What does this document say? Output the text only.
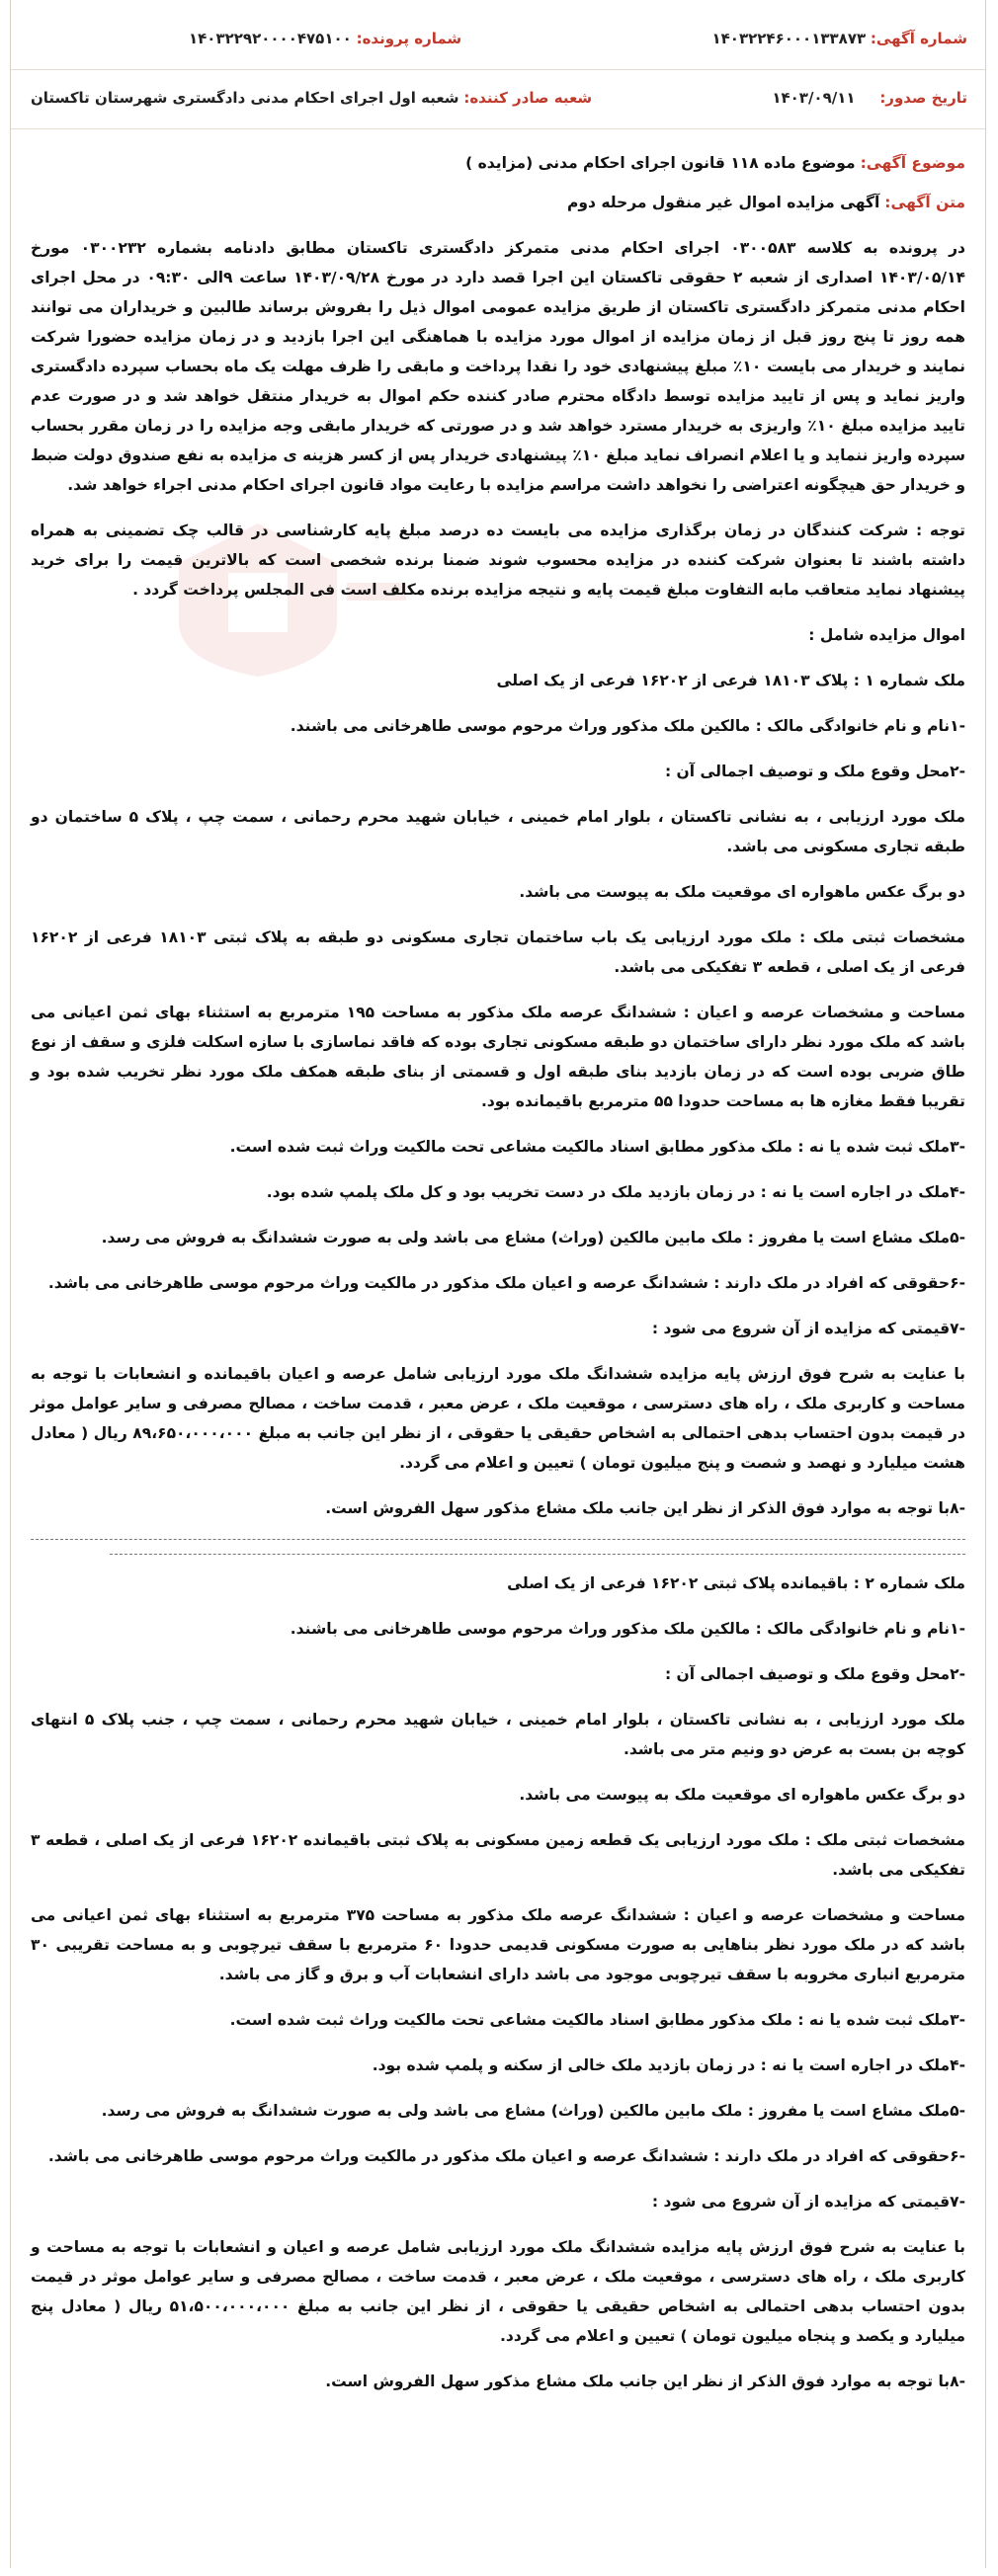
شماره آگهی: ۱۴۰۳۲۲۴۶۰۰۰۱۳۳۸۷۳
شماره پرونده: ۱۴۰۳۲۲۹۲۰۰۰۰۴۷۵۱۰۰
تاریخ صدور: ۱۴۰۳/۰۹/۱۱
شعبه صادر کننده: شعبه اول اجرای احکام مدنی دادگستری شهرستان تاکستان
موضوع آگهی: موضوع ماده ۱۱۸ قانون اجرای احکام مدنی (مزایده )
متن آگهی: آگهی مزایده اموال غیر منقول مرحله دوم

در پرونده به کلاسه ۰۳۰۰۵۸۳ اجرای احکام مدنی متمرکز دادگستری تاکستان مطابق دادنامه بشماره ۰۳۰۰۲۳۲ مورخ ۱۴۰۳/۰۵/۱۴ اصداری از شعبه ۲ حقوقی تاکستان این اجرا قصد دارد در مورخ ۱۴۰۳/۰۹/۲۸ ساعت ۹الی ۰۹:۳۰ در محل اجرای احکام مدنی متمرکز دادگستری تاکستان از طریق مزایده عمومی اموال ذیل را بفروش برساند طالبین و خریداران می توانند همه روز تا پنج روز قبل از زمان مزایده از اموال مورد مزایده با هماهنگی این اجرا بازدید و در زمان مزایده حضورا شرکت نمایند و خریدار می بایست ۱۰٪ مبلغ پیشنهادی خود را نقدا پرداخت و مابقی را ظرف مهلت یک ماه بحساب سپرده دادگستری واریز نماید و پس از تایید مزایده توسط دادگاه محترم صادر کننده حکم اموال به خریدار منتقل خواهد شد و در صورت عدم تایید مزایده مبلغ ۱۰٪ واریزی به خریدار مسترد خواهد شد و در صورتی که خریدار مابقی وجه مزایده را در زمان مقرر بحساب سپرده واریز ننماید و یا اعلام انصراف نماید مبلغ ۱۰٪ پیشنهادی خریدار پس از کسر هزینه ی مزایده به نفع صندوق دولت ضبط و خریدار حق هیچگونه اعتراضی را نخواهد داشت مراسم مزایده با رعایت مواد قانون اجرای احکام مدنی اجراء خواهد شد.

توجه : شرکت کنندگان در زمان برگذاری مزایده می بایست ده درصد مبلغ پایه کارشناسی در قالب چک تضمینی به همراه داشته باشند تا بعنوان شرکت کننده در مزایده محسوب شوند ضمنا برنده شخصی است که بالاترین قیمت را برای خرید پیشنهاد نماید متعاقب مابه التفاوت مبلغ قیمت پایه و نتیجه مزایده برنده مکلف است فی المجلس پرداخت گردد .

اموال مزایده شامل :

ملک شماره ۱ : پلاک ۱۸۱۰۳ فرعی از ۱۶۲۰۲ فرعی از یک اصلی

-۱نام و نام خانوادگی مالک : مالکین ملک مذکور وراث مرحوم موسی طاهرخانی می باشند.

-۲محل وقوع ملک و توصیف اجمالی آن :

ملک مورد ارزیابی ، به نشانی تاکستان ، بلوار امام خمینی ، خیابان شهید محرم رحمانی ، سمت چپ ، پلاک ۵ ساختمان دو طبقه تجاری مسکونی می باشد.

دو برگ عکس ماهواره ای موقعیت ملک به پیوست می باشد.

مشخصات ثبتی ملک : ملک مورد ارزیابی یک باب ساختمان تجاری مسکونی دو طبقه به پلاک ثبتی ۱۸۱۰۳ فرعی از ۱۶۲۰۲ فرعی از یک اصلی ، قطعه ۳ تفکیکی می باشد.

مساحت و مشخصات عرصه و اعیان : ششدانگ عرصه ملک مذکور به مساحت ۱۹۵ مترمربع به استثناء بهای ثمن اعیانی می باشد که ملک مورد نظر دارای ساختمان دو طبقه مسکونی تجاری بوده که فاقد نماسازی با سازه اسکلت فلزی و سقف از نوع طاق ضربی بوده است که در زمان بازدید بنای طبقه اول و قسمتی از بنای طبقه همکف ملک مورد نظر تخریب شده بود و تقریبا فقط مغازه ها به مساحت حدودا ۵۵ مترمربع باقیمانده بود.

-۳ملک ثبت شده یا نه : ملک مذکور مطابق اسناد مالکیت مشاعی تحت مالکیت وراث ثبت شده است.

-۴ملک در اجاره است یا نه : در زمان بازدید ملک در دست تخریب بود و کل ملک پلمپ شده بود.

-۵ملک مشاع است یا مفروز : ملک مابین مالکین (وراث) مشاع می باشد ولی به صورت ششدانگ به فروش می رسد.

-۶حقوقی که افراد در ملک دارند : ششدانگ عرصه و اعیان ملک مذکور در مالکیت وراث مرحوم موسی طاهرخانی می باشد.

-۷قیمتی که مزایده از آن شروع می شود :

با عنایت به شرح فوق ارزش پایه مزایده ششدانگ ملک مورد ارزیابی شامل عرصه و اعیان باقیمانده و انشعابات با توجه به مساحت و کاربری ملک ، راه های دسترسی ، موقعیت ملک ، عرض معبر ، قدمت ساخت ، مصالح مصرفی و سایر عوامل موثر در قیمت بدون احتساب بدهی احتمالی به اشخاص حقیقی یا حقوقی ، از نظر این جانب به مبلغ ۸۹،۶۵۰،۰۰۰،۰۰۰ ریال ( معادل هشت میلیارد و نهصد و شصت و پنج میلیون تومان ) تعیین و اعلام می گردد.

-۸با توجه به موارد فوق الذکر از نظر این جانب ملک مشاع مذکور سهل الفروش است.

ملک شماره ۲ : باقیمانده پلاک ثبتی ۱۶۲۰۲ فرعی از یک اصلی

-۱نام و نام خانوادگی مالک : مالکین ملک مذکور وراث مرحوم موسی طاهرخانی می باشند.

-۲محل وقوع ملک و توصیف اجمالی آن :

ملک مورد ارزیابی ، به نشانی تاکستان ، بلوار امام خمینی ، خیابان شهید محرم رحمانی ، سمت چپ ، جنب پلاک ۵ انتهای کوچه بن بست به عرض دو ونیم متر می باشد.

دو برگ عکس ماهواره ای موقعیت ملک به پیوست می باشد.

مشخصات ثبتی ملک : ملک مورد ارزیابی یک قطعه زمین مسکونی به پلاک ثبتی باقیمانده ۱۶۲۰۲ فرعی از یک اصلی ، قطعه ۳ تفکیکی می باشد.

مساحت و مشخصات عرصه و اعیان : ششدانگ عرصه ملک مذکور به مساحت ۳۷۵ مترمربع به استثناء بهای ثمن اعیانی می باشد که در ملک مورد نظر بناهایی به صورت مسکونی قدیمی حدودا ۶۰ مترمربع با سقف تیرچوبی و به مساحت تقریبی ۳۰ مترمربع انباری مخروبه با سقف تیرچوبی موجود می باشد دارای انشعابات آب و برق و گاز می باشد.

-۳ملک ثبت شده یا نه : ملک مذکور مطابق اسناد مالکیت مشاعی تحت مالکیت وراث ثبت شده است.

-۴ملک در اجاره است یا نه : در زمان بازدید ملک خالی از سکنه و پلمپ شده بود.

-۵ملک مشاع است یا مفروز : ملک مابین مالکین (وراث) مشاع می باشد ولی به صورت ششدانگ به فروش می رسد.

-۶حقوقی که افراد در ملک دارند : ششدانگ عرصه و اعیان ملک مذکور در مالکیت وراث مرحوم موسی طاهرخانی می باشد.

-۷قیمتی که مزایده از آن شروع می شود :

با عنایت به شرح فوق ارزش پایه مزایده ششدانگ ملک مورد ارزیابی شامل عرصه و اعیان و انشعابات با توجه به مساحت و کاربری ملک ، راه های دسترسی ، موقعیت ملک ، عرض معبر ، قدمت ساخت ، مصالح مصرفی و سایر عوامل موثر در قیمت بدون احتساب بدهی احتمالی به اشخاص حقیقی یا حقوقی ، از نظر این جانب به مبلغ ۵۱،۵۰۰،۰۰۰،۰۰۰ ریال ( معادل پنج میلیارد و یکصد و پنجاه میلیون تومان ) تعیین و اعلام می گردد.

-۸با توجه به موارد فوق الذکر از نظر این جانب ملک مشاع مذکور سهل الفروش است.
